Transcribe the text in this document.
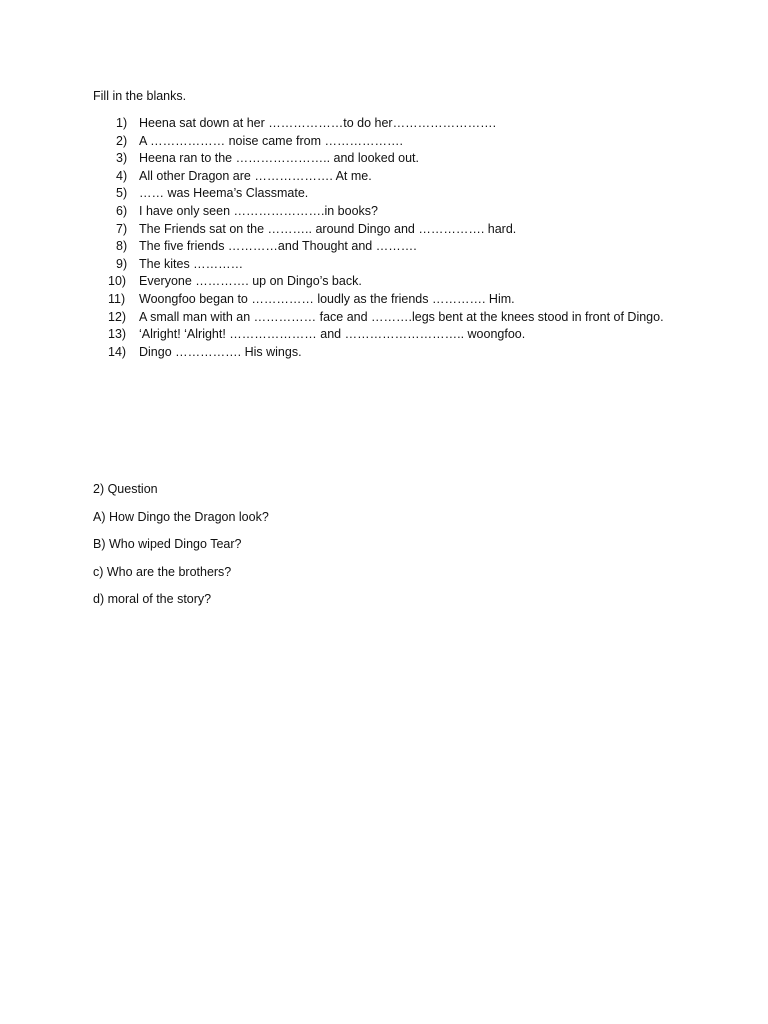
Fill in the blanks.

1) Heena sat down at her ………………to do her…………………….
2) A ……………… noise came from ……………….
3) Heena ran to the ………………….. and looked out.
4) All other Dragon are ………………. At me.
5) …… was Heema’s Classmate.
6) I have only seen ………………….in books?
7) The Friends sat on the ……….. around Dingo and ……………. hard.
8) The five friends …………and Thought and ……….
9) The kites …………
10)	Everyone …………. up on Dingo’s back.
11)	Woongfoo began to …………… loudly as the friends …………. Him.
12)	A small man with an …………… face and ……….legs bent at the knees stood in front of Dingo.
13)	‘Alright! ‘Alright! ………………… and ……………………….. woongfoo.
14)	Dingo ……………. His wings.

2) Question

A) How Dingo the Dragon look?

B) Who wiped Dingo Tear?

c) Who are the brothers?

d) moral of the story?
